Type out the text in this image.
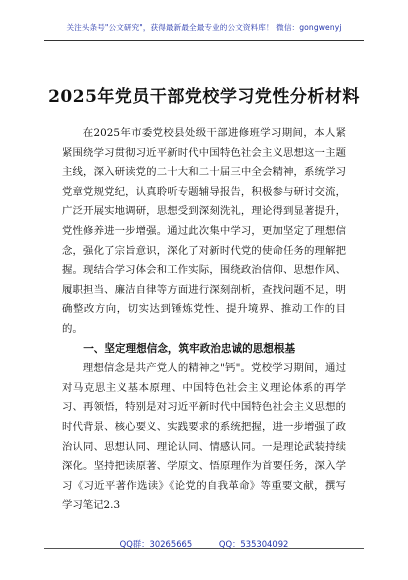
关注头条号"公文研究"，获得最新最全最专业的公文资料库！ 微信：gongwenyj
2025年党员干部党校学习党性分析材料

在2025年市委党校县处级干部进修班学习期间，本人紧紧围绕学习贯彻习近平新时代中国特色社会主义思想这一主题主线，深入研读党的二十大和二十届三中全会精神，系统学习党章党规党纪，认真聆听专题辅导报告，积极参与研讨交流，广泛开展实地调研，思想受到深刻洗礼，理论得到显著提升，党性修养进一步增强。通过此次集中学习，更加坚定了理想信念，强化了宗旨意识，深化了对新时代党的使命任务的理解把握。现结合学习体会和工作实际，围绕政治信仰、思想作风、履职担当、廉洁自律等方面进行深刻剖析，查找问题不足，明确整改方向，切实达到锤炼党性、提升境界、推动工作的目的。

一、坚定理想信念，筑牢政治忠诚的思想根基

理想信念是共产党人的精神之"钙"。党校学习期间，通过对马克思主义基本原理、中国特色社会主义理论体系的再学习、再领悟，特别是对习近平新时代中国特色社会主义思想的时代背景、核心要义、实践要求的系统把握，进一步增强了政治认同、思想认同、理论认同、情感认同。一是理论武装持续深化。坚持把读原著、学原文、悟原理作为首要任务，深入学习《习近平著作选读》《论党的自我革命》等重要文献，撰写学习笔记2.3

QQ群：30265665	QQ：535304092
